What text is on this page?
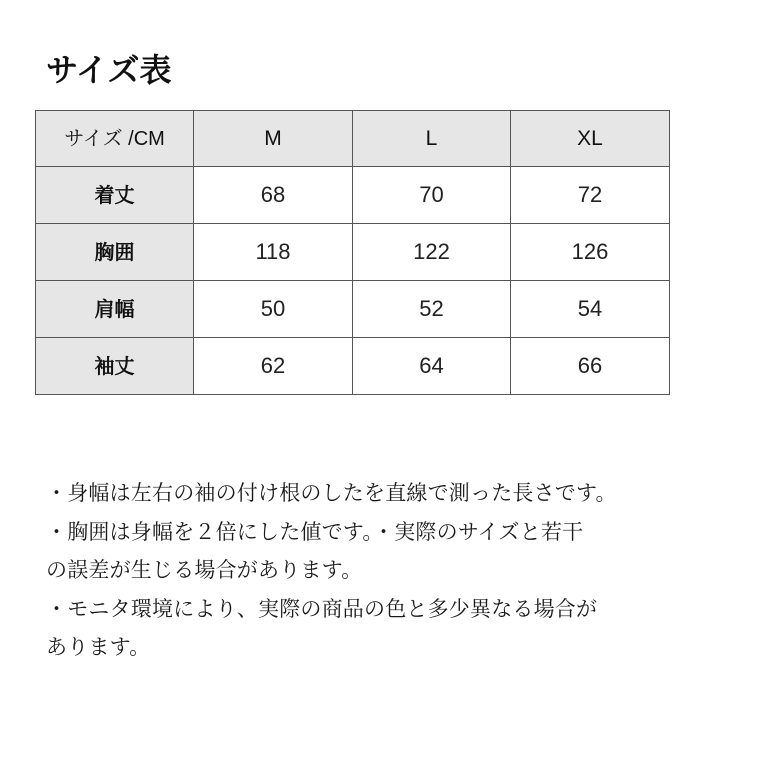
サイズ表
サイズ /CM	M	L	XL
着丈	68	70	72
胸囲	118	122	126
肩幅	50	52	54
袖丈	62	64	66
・身幅は左右の袖の付け根のしたを直線で測った長さです。
・胸囲は身幅を２倍にした値です。・実際のサイズと若干
の誤差が生じる場合があります。
・モニタ環境により、実際の商品の色と多少異なる場合が
あります。
